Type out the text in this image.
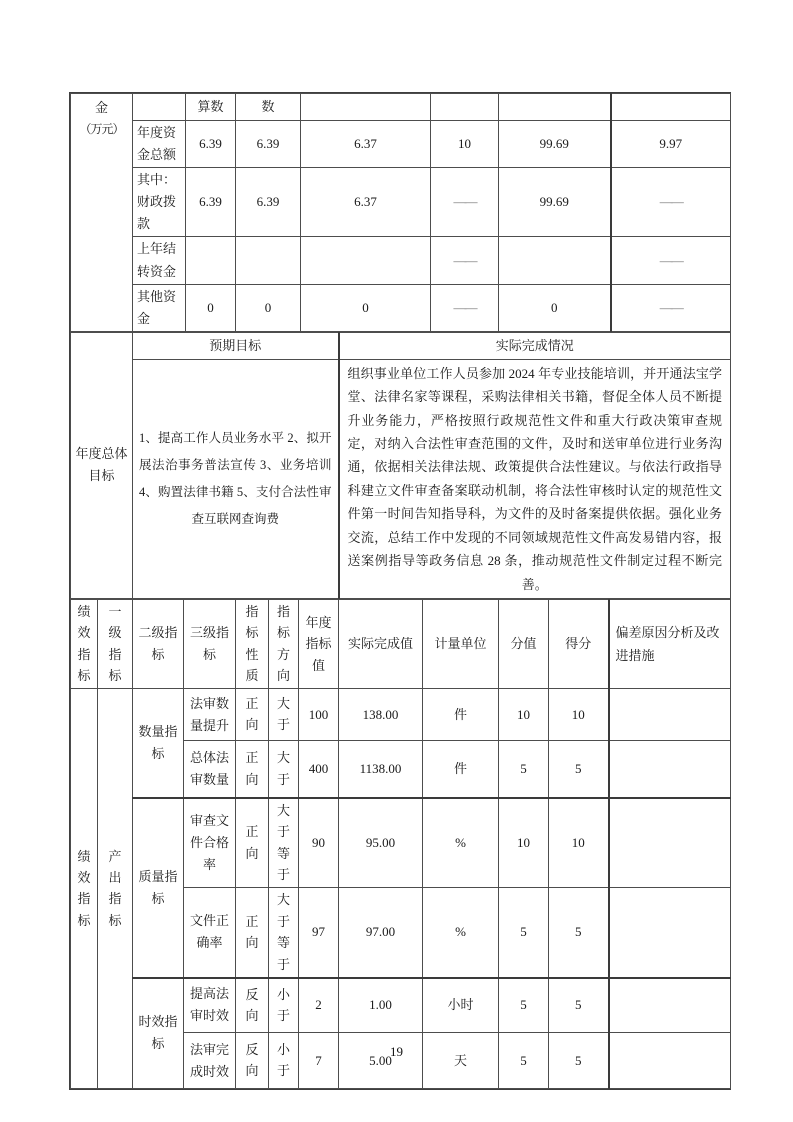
金
（万元）		算数	数				
	年度资金总额	6.39	6.39	6.37	10	99.69	9.97
	其中：财政拨款	6.39	6.39	6.37	——	99.69	——
	上年结转资金				——		——
	其他资金	0	0	0	——	0	——
年度总体目标	预期目标	实际完成情况
	1、提高工作人员业务水平 2、拟开展法治事务普法宣传 3、业务培训 4、购置法律书籍 5、支付合法性审查互联网查询费	组织事业单位工作人员参加 2024 年专业技能培训，并开通法宝学堂、法律名家等课程，采购法律相关书籍，督促全体人员不断提升业务能力，严格按照行政规范性文件和重大行政决策审查规定，对纳入合法性审查范围的文件，及时和送审单位进行业务沟通，依据相关法律法规、政策提供合法性建议。与依法行政指导科建立文件审查备案联动机制，将合法性审核时认定的规范性文件第一时间告知指导科，为文件的及时备案提供依据。强化业务交流，总结工作中发现的不同领域规范性文件高发易错内容，报送案例指导等政务信息 28 条，推动规范性文件制定过程不断完善。
绩效指标	一级指标	二级指标	三级指标	指标性质	指标方向	年度指标值	实际完成值	计量单位	分值	得分	偏差原因分析及改进措施
绩效指标	产出指标	数量指标	法审数量提升	正向	大于	100	138.00	件	10	10	
			总体法审数量	正向	大于	400	1138.00	件	5	5	
		质量指标	审查文件合格率	正向	大于等于	90	95.00	%	10	10	
			文件正确率	正向	大于等于	97	97.00	%	5	5	
		时效指标	提高法审时效	反向	小于	2	1.00	小时	5	5	
			法审完成时效	反向	小于	7	5.00	天	5	5	
19
